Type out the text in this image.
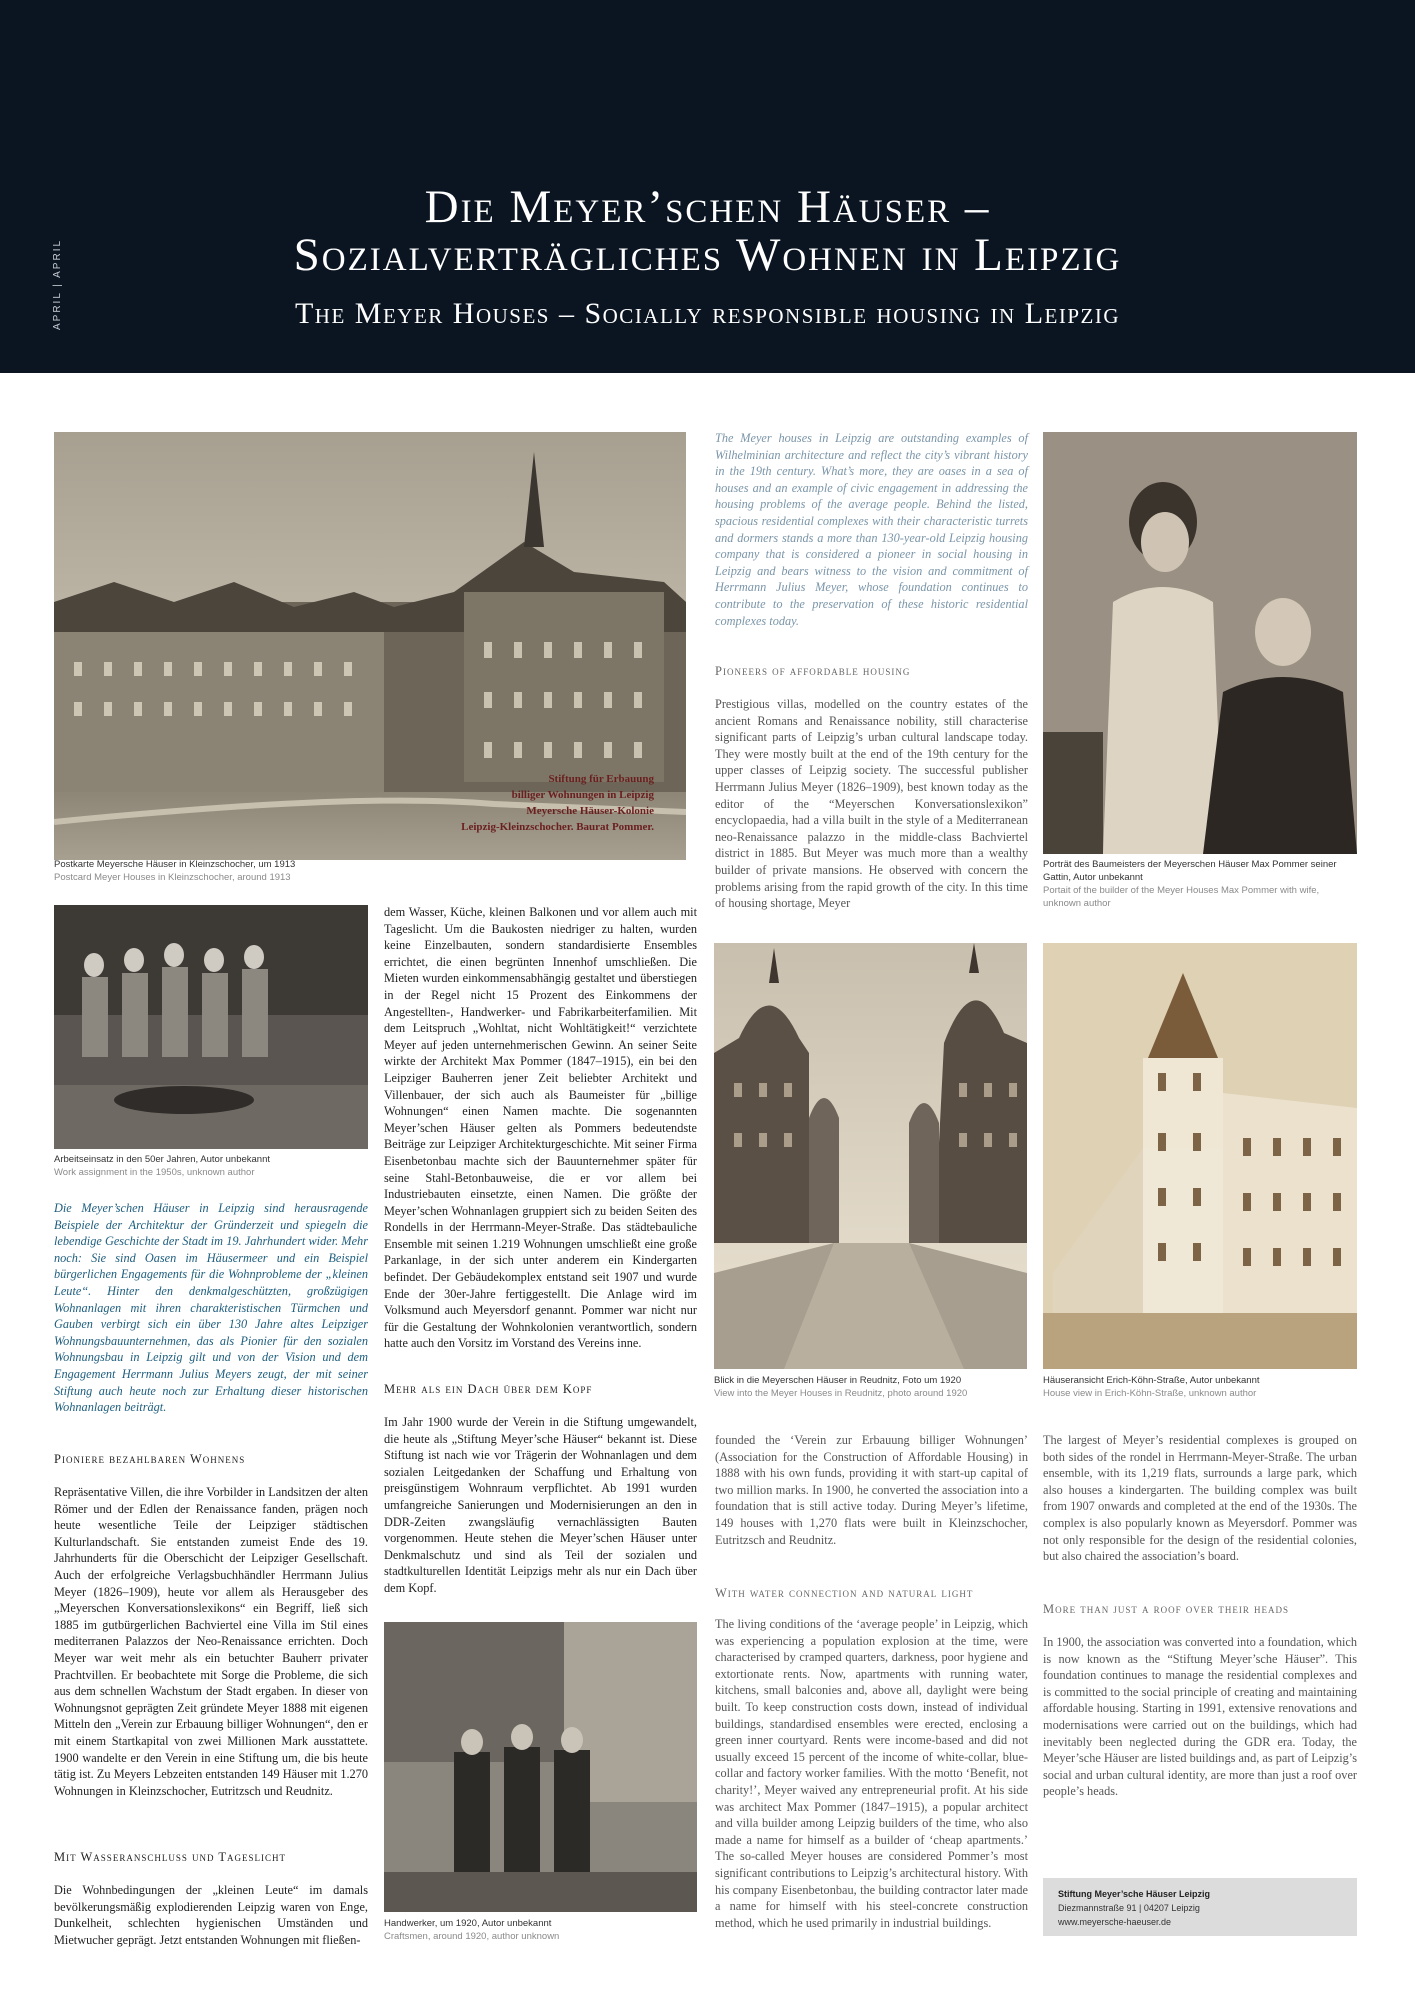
APRIL | APRIL
Die Meyer’schen Häuser –
Sozialverträgliches Wohnen in Leipzig
The Meyer Houses – Socially responsible housing in Leipzig
Stiftung für Erbauung
billiger Wohnungen in Leipzig
Meyersche Häuser-Kolonie
Leipzig-Kleinzschocher. Baurat Pommer.
Postkarte Meyersche Häuser in Kleinzschocher, um 1913
Postcard Meyer Houses in Kleinzschocher, around 1913
The Meyer houses in Leipzig are outstanding examples of Wilhelminian architecture and reflect the city’s vibrant history in the 19th century. What’s more, they are oases in a sea of houses and an example of civic engagement in addressing the housing problems of the average people. Behind the listed, spacious residential complexes with their characteristic turrets and dormers stands a more than 130-year-old Leipzig housing company that is considered a pioneer in social housing in Leipzig and bears witness to the vision and commitment of Herrmann Julius Meyer, whose foundation continues to contribute to the preservation of these historic residential complexes today.
Pioneers of affordable housing
Prestigious villas, modelled on the country estates of the ancient Romans and Renaissance nobility, still characterise significant parts of Leipzig’s urban cultural landscape today. They were mostly built at the end of the 19th century for the upper classes of Leipzig society. The successful publisher Herrmann Julius Meyer (1826–1909), best known today as the editor of the “Meyerschen Konversationslexikon” encyclopaedia, had a villa built in the style of a Mediterranean neo-Renaissance palazzo in the middle-class Bachviertel district in 1885. But Meyer was much more than a wealthy builder of private mansions. He observed with concern the problems arising from the rapid growth of the city. In this time of housing shortage, Meyer
Porträt des Baumeisters der Meyerschen Häuser Max Pommer seiner Gattin, Autor unbekannt
Portait of the builder of the Meyer Houses Max Pommer with wife, unknown author
Arbeitseinsatz in den 50er Jahren, Autor unbekannt
Work assignment in the 1950s, unknown author
Die Meyer’schen Häuser in Leipzig sind herausragende Beispiele der Architektur der Gründerzeit und spiegeln die lebendige Geschichte der Stadt im 19. Jahrhundert wider. Mehr noch: Sie sind Oasen im Häusermeer und ein Beispiel bürgerlichen Engagements für die Wohnprobleme der „kleinen Leute“. Hinter den denkmalgeschützten, großzügigen Wohnanlagen mit ihren charakteristischen Türmchen und Gauben verbirgt sich ein über 130 Jahre altes Leipziger Wohnungsbauunternehmen, das als Pionier für den sozialen Wohnungsbau in Leipzig gilt und von der Vision und dem Engagement Herrmann Julius Meyers zeugt, der mit seiner Stiftung auch heute noch zur Erhaltung dieser historischen Wohnanlagen beiträgt.
Pioniere bezahlbaren Wohnens
Repräsentative Villen, die ihre Vorbilder in Landsitzen der alten Römer und der Edlen der Renaissance fanden, prägen noch heute wesentliche Teile der Leipziger städtischen Kulturlandschaft. Sie entstanden zumeist Ende des 19. Jahrhunderts für die Oberschicht der Leipziger Gesellschaft. Auch der erfolgreiche Verlagsbuchhändler Herrmann Julius Meyer (1826–1909), heute vor allem als Herausgeber des „Meyerschen Konversationslexikons“ ein Begriff, ließ sich 1885 im gutbürgerlichen Bachviertel eine Villa im Stil eines mediterranen Palazzos der Neo-Renaissance errichten. Doch Meyer war weit mehr als ein betuchter Bauherr privater Prachtvillen. Er beobachtete mit Sorge die Probleme, die sich aus dem schnellen Wachstum der Stadt ergaben. In dieser von Wohnungsnot geprägten Zeit gründete Meyer 1888 mit eigenen Mitteln den „Verein zur Erbauung billiger Wohnungen“, den er mit einem Startkapital von zwei Millionen Mark ausstattete. 1900 wandelte er den Verein in eine Stiftung um, die bis heute tätig ist. Zu Meyers Lebzeiten entstanden 149 Häuser mit 1.270 Wohnungen in Kleinzschocher, Eutritzsch und Reudnitz.
Mit Wasseranschluss und Tageslicht
Die Wohnbedingungen der „kleinen Leute“ im damals bevölkerungsmäßig explodierenden Leipzig waren von Enge, Dunkelheit, schlechten hygienischen Umständen und Mietwucher geprägt. Jetzt entstanden Wohnungen mit fließen-
dem Wasser, Küche, kleinen Balkonen und vor allem auch mit Tageslicht. Um die Baukosten niedriger zu halten, wurden keine Einzelbauten, sondern standardisierte Ensembles errichtet, die einen begrünten Innenhof umschließen. Die Mieten wurden einkommensabhängig gestaltet und überstiegen in der Regel nicht 15 Prozent des Einkommens der Angestellten-, Handwerker- und Fabrikarbeiterfamilien. Mit dem Leitspruch „Wohltat, nicht Wohltätigkeit!“ verzichtete Meyer auf jeden unternehmerischen Gewinn. An seiner Seite wirkte der Architekt Max Pommer (1847–1915), ein bei den Leipziger Bauherren jener Zeit beliebter Architekt und Villenbauer, der sich auch als Baumeister für „billige Wohnungen“ einen Namen machte. Die sogenannten Meyer’schen Häuser gelten als Pommers bedeutendste Beiträge zur Leipziger Architekturgeschichte. Mit seiner Firma Eisenbetonbau machte sich der Bauunternehmer später für seine Stahl-Betonbauweise, die er vor allem bei Industriebauten einsetzte, einen Namen. Die größte der Meyer’schen Wohnanlagen gruppiert sich zu beiden Seiten des Rondells in der Herrmann-Meyer-Straße. Das städtebauliche Ensemble mit seinen 1.219 Wohnungen umschließt eine große Parkanlage, in der sich unter anderem ein Kindergarten befindet. Der Gebäudekomplex entstand seit 1907 und wurde Ende der 30er-Jahre fertiggestellt. Die Anlage wird im Volksmund auch Meyersdorf genannt. Pommer war nicht nur für die Gestaltung der Wohnkolonien verantwortlich, sondern hatte auch den Vorsitz im Vorstand des Vereins inne.
Mehr als ein Dach über dem Kopf
Im Jahr 1900 wurde der Verein in die Stiftung umgewandelt, die heute als „Stiftung Meyer’sche Häuser“ bekannt ist. Diese Stiftung ist nach wie vor Trägerin der Wohnanlagen und dem sozialen Leitgedanken der Schaffung und Erhaltung von preisgünstigem Wohnraum verpflichtet. Ab 1991 wurden umfangreiche Sanierungen und Modernisierungen an den in DDR-Zeiten zwangsläufig vernachlässigten Bauten vorgenommen. Heute stehen die Meyer’schen Häuser unter Denkmalschutz und sind als Teil der sozialen und stadtkulturellen Identität Leipzigs mehr als nur ein Dach über dem Kopf.
Handwerker, um 1920, Autor unbekannt
Craftsmen, around 1920, author unknown
Blick in die Meyerschen Häuser in Reudnitz, Foto um 1920
View into the Meyer Houses in Reudnitz, photo around 1920
founded the ‘Verein zur Erbauung billiger Wohnungen’ (Association for the Construction of Affordable Housing) in 1888 with his own funds, providing it with start-up capital of two million marks. In 1900, he converted the association into a foundation that is still active today. During Meyer’s lifetime, 149 houses with 1,270 flats were built in Kleinzschocher, Eutritzsch and Reudnitz.
With water connection and natural light
The living conditions of the ‘average people’ in Leipzig, which was experiencing a population explosion at the time, were characterised by cramped quarters, darkness, poor hygiene and extortionate rents. Now, apartments with running water, kitchens, small balconies and, above all, daylight were being built. To keep construction costs down, instead of individual buildings, standardised ensembles were erected, enclosing a green inner courtyard. Rents were income-based and did not usually exceed 15 percent of the income of white-collar, blue-collar and factory worker families. With the motto ‘Benefit, not charity!’, Meyer waived any entrepreneurial profit. At his side was architect Max Pommer (1847–1915), a popular architect and villa builder among Leipzig builders of the time, who also made a name for himself as a builder of ‘cheap apartments.’ The so-called Meyer houses are considered Pommer’s most significant contributions to Leipzig’s architectural history. With his company Eisenbetonbau, the building contractor later made a name for himself with his steel-concrete construction method, which he used primarily in industrial buildings.
Häuseransicht Erich-Köhn-Straße, Autor unbekannt
House view in Erich-Köhn-Straße, unknown author
The largest of Meyer’s residential complexes is grouped on both sides of the rondel in Herrmann-Meyer-Straße. The urban ensemble, with its 1,219 flats, surrounds a large park, which also houses a kindergarten. The building complex was built from 1907 onwards and completed at the end of the 1930s. The complex is also popularly known as Meyersdorf. Pommer was not only responsible for the design of the residential colonies, but also chaired the association’s board.
More than just a roof over their heads
In 1900, the association was converted into a foundation, which is now known as the “Stiftung Meyer’sche Häuser”. This foundation continues to manage the residential complexes and is committed to the social principle of creating and maintaining affordable housing. Starting in 1991, extensive renovations and modernisations were carried out on the buildings, which had inevitably been neglected during the GDR era. Today, the Meyer’sche Häuser are listed buildings and, as part of Leipzig’s social and urban cultural identity, are more than just a roof over people’s heads.
Stiftung Meyer’sche Häuser Leipzig
Diezmannstraße 91 | 04207 Leipzig
www.meyersche-haeuser.de
